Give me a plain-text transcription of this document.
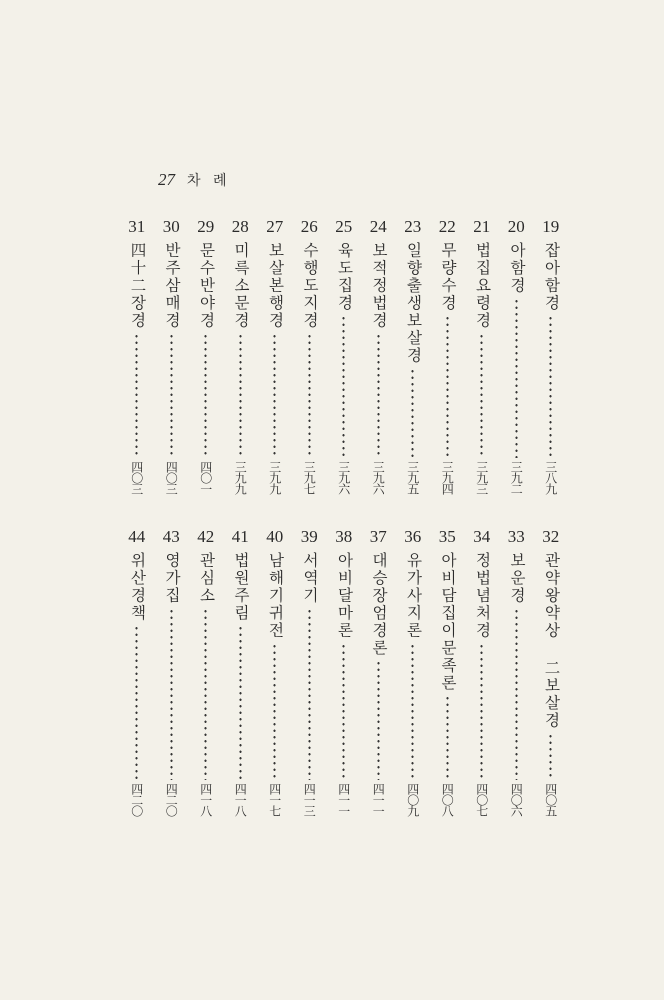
27 차 례
19
잡아함경
三八九
20
아함경
三九二
21
법집요령경
三九三
22
무량수경
三九四
23
일향출생보살경
三九五
24
보적정법경
三九六
25
육도집경
三九六
26
수행도지경
三九七
27
보살본행경
三九九
28
미륵소문경
三九九
29
문수반야경
四〇一
30
반주삼매경
四〇三
31
四十二장경
四〇三
32
관약왕약상 二보살경
四〇五
33
보운경
四〇六
34
정법념처경
四〇七
35
아비담집이문족론
四〇八
36
유가사지론
四〇九
37
대승장엄경론
四一一
38
아비달마론
四一一
39
서역기
四一三
40
남해기귀전
四一七
41
법원주림
四一八
42
관심소
四一八
43
영가집
四二〇
44
위산경책
四二〇
